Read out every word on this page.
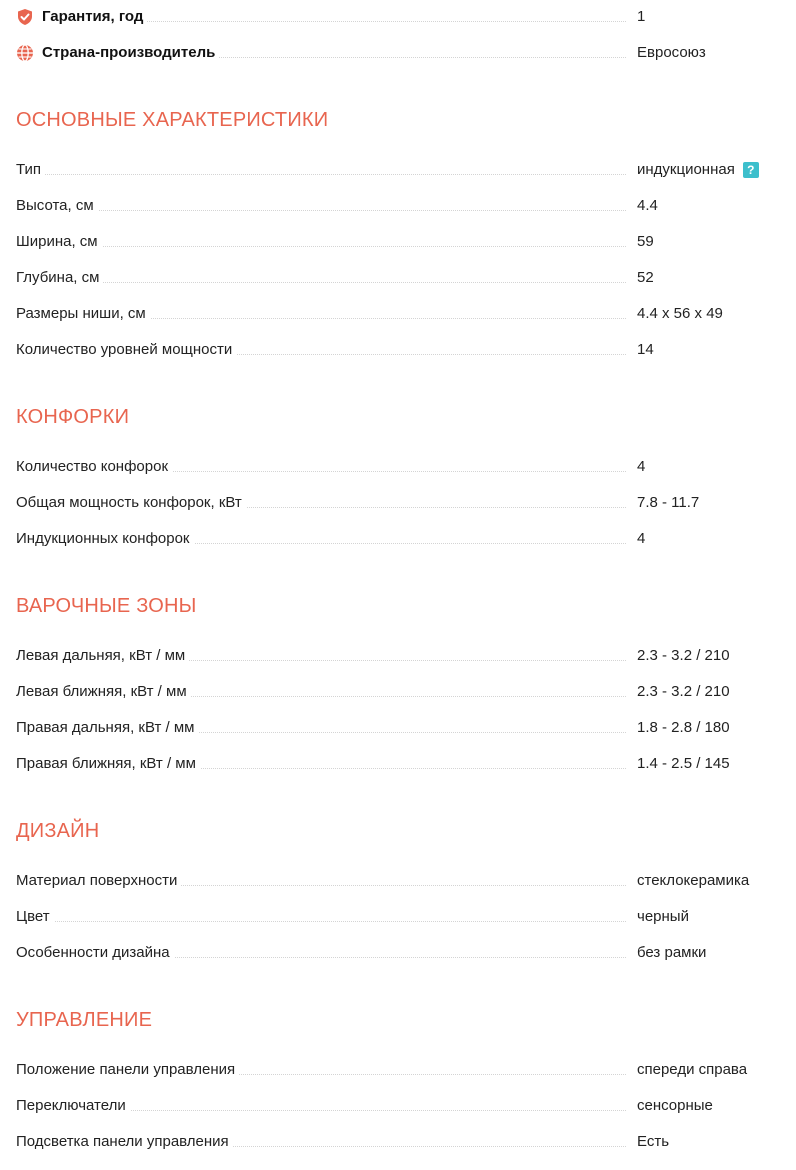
Гарантия, год	1
Страна-производитель	Евросоюз
ОСНОВНЫЕ ХАРАКТЕРИСТИКИ
Тип	индукционная	?
Высота, см	4.4
Ширина, см	59
Глубина, см	52
Размеры ниши, см	4.4 x 56 x 49
Количество уровней мощности	14
КОНФОРКИ
Количество конфорок	4
Общая мощность конфорок, кВт	7.8 - 11.7
Индукционных конфорок	4
ВАРОЧНЫЕ ЗОНЫ
Левая дальняя, кВт / мм	2.3 - 3.2 / 210
Левая ближняя, кВт / мм	2.3 - 3.2 / 210
Правая дальняя, кВт / мм	1.8 - 2.8 / 180
Правая ближняя, кВт / мм	1.4 - 2.5 / 145
ДИЗАЙН
Материал поверхности	стеклокерамика
Цвет	черный
Особенности дизайна	без рамки
УПРАВЛЕНИЕ
Положение панели управления	спереди справа
Переключатели	сенсорные
Подсветка панели управления	Есть
